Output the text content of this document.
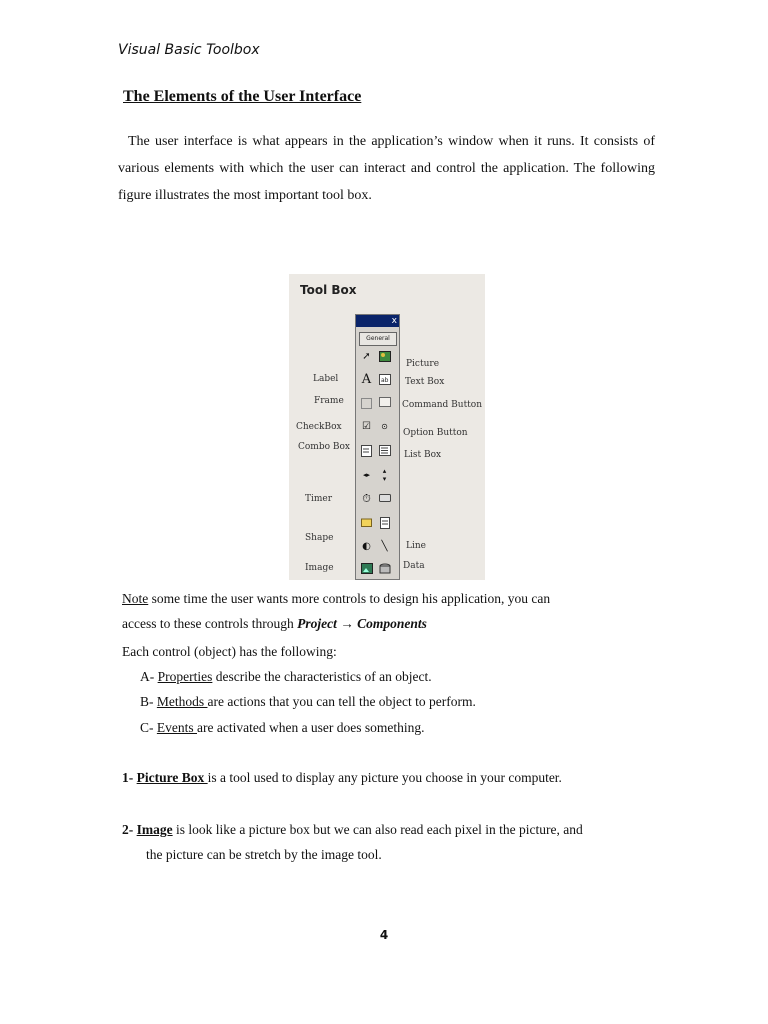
Visual Basic Toolbox
The Elements of the User Interface
The user interface is what appears in the application’s window when it runs. It consists of various elements with which the user can interact and control the application. The following figure illustrates the most important tool box.
Tool Box
x
General
➚
A	ab
☑	⊙
◂▸	▴
▾
⏱
◐	╲
Label
Frame
CheckBox
Combo Box
Timer
Shape
Image
Picture
Text Box
Command Button
Option Button
List Box
Line
Data
Note some time the user wants more controls to design his application, you can
access to these controls through Project → Components
Each control (object) has the following:
A- Properties describe the characteristics of an object.
B- Methods are actions that you can tell the object to perform.
C- Events are activated when a user does something.
1- Picture Box is a tool used to display any picture you choose in your computer.
2- Image is look like a picture box but we can also read each pixel in the picture, and
the picture can be stretch by the image tool.
4
